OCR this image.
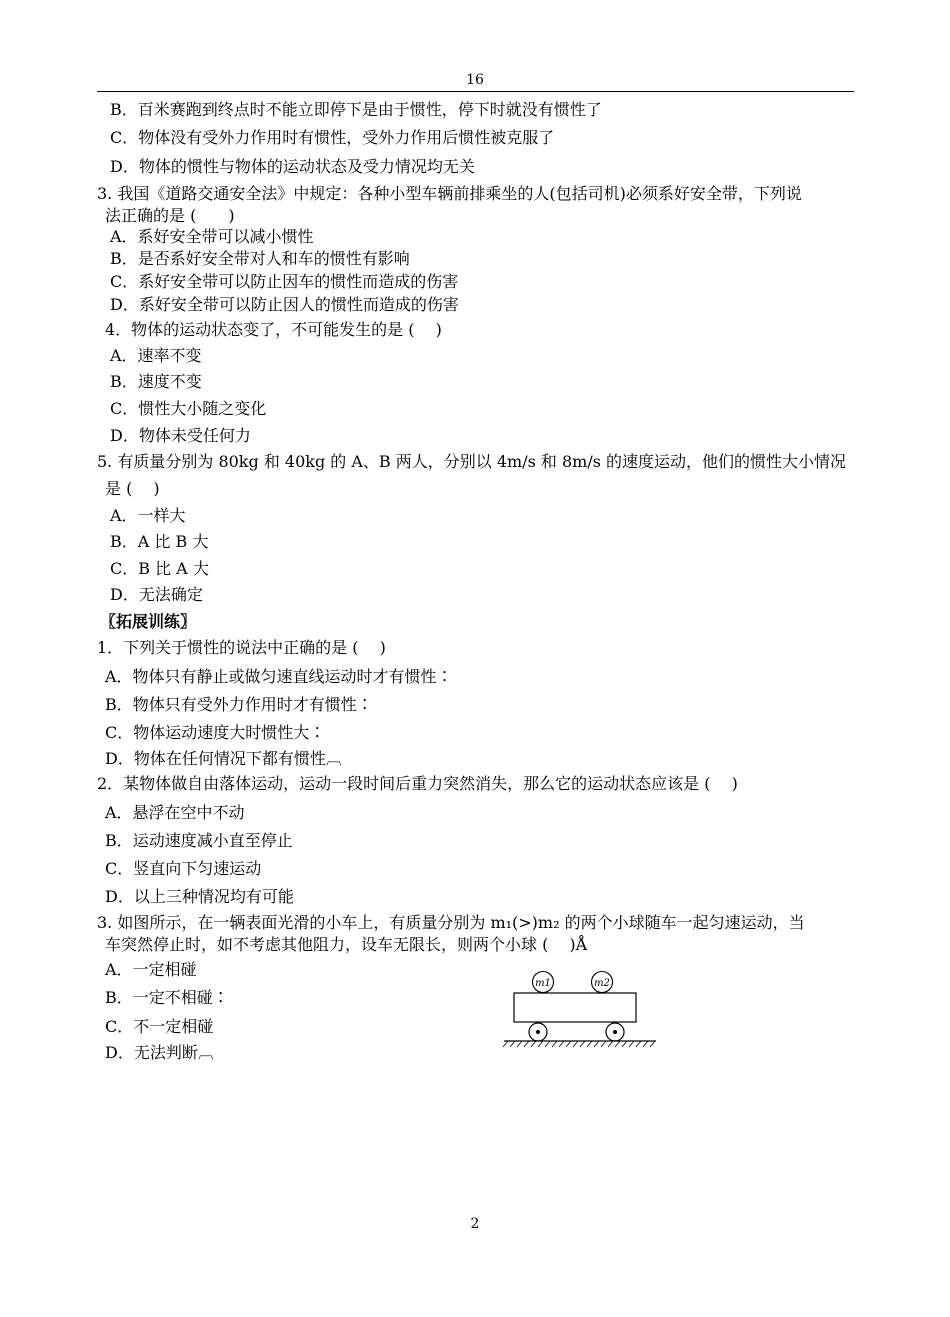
16
B．百米赛跑到终点时不能立即停下是由于惯性，停下时就没有惯性了
C．物体没有受外力作用时有惯性，受外力作用后惯性被克服了
D．物体的惯性与物体的运动状态及受力情况均无关
3. 我国《道路交通安全法》中规定：各种小型车辆前排乘坐的人(包括司机)必须系好安全带，下列说
法正确的是 (　　)
A．系好安全带可以减小惯性
B．是否系好安全带对人和车的惯性有影响
C．系好安全带可以防止因车的惯性而造成的伤害
D．系好安全带可以防止因人的惯性而造成的伤害
4．物体的运动状态变了，不可能发生的是 (　 )
A．速率不变
B．速度不变
C．惯性大小随之变化
D．物体未受任何力
5. 有质量分别为 80kg 和 40kg 的 A、B 两人，分别以 4m/s 和 8m/s 的速度运动，他们的惯性大小情况
是 (　 )
A．一样大
B．A 比 B 大
C．B 比 A 大
D．无法确定
〖拓展训练〗
1．下列关于惯性的说法中正确的是 (　 )
A．物体只有静止或做匀速直线运动时才有惯性∶
B．物体只有受外力作用时才有惯性∶
C．物体运动速度大时惯性大∶
D．物体在任何情况下都有惯性︹
2．某物体做自由落体运动，运动一段时间后重力突然消失，那么它的运动状态应该是 (　 )
A．悬浮在空中不动
B．运动速度减小直至停止
C．竖直向下匀速运动
D．以上三种情况均有可能
3. 如图所示，在一辆表面光滑的小车上，有质量分别为 m₁(>)m₂ 的两个小球随车一起匀速运动，当
车突然停止时，如不考虑其他阻力，设车无限长，则两个小球 (　 )Å
A．一定相碰
B．一定不相碰∶
C．不一定相碰
D．无法判断︹
m1	m2
2
